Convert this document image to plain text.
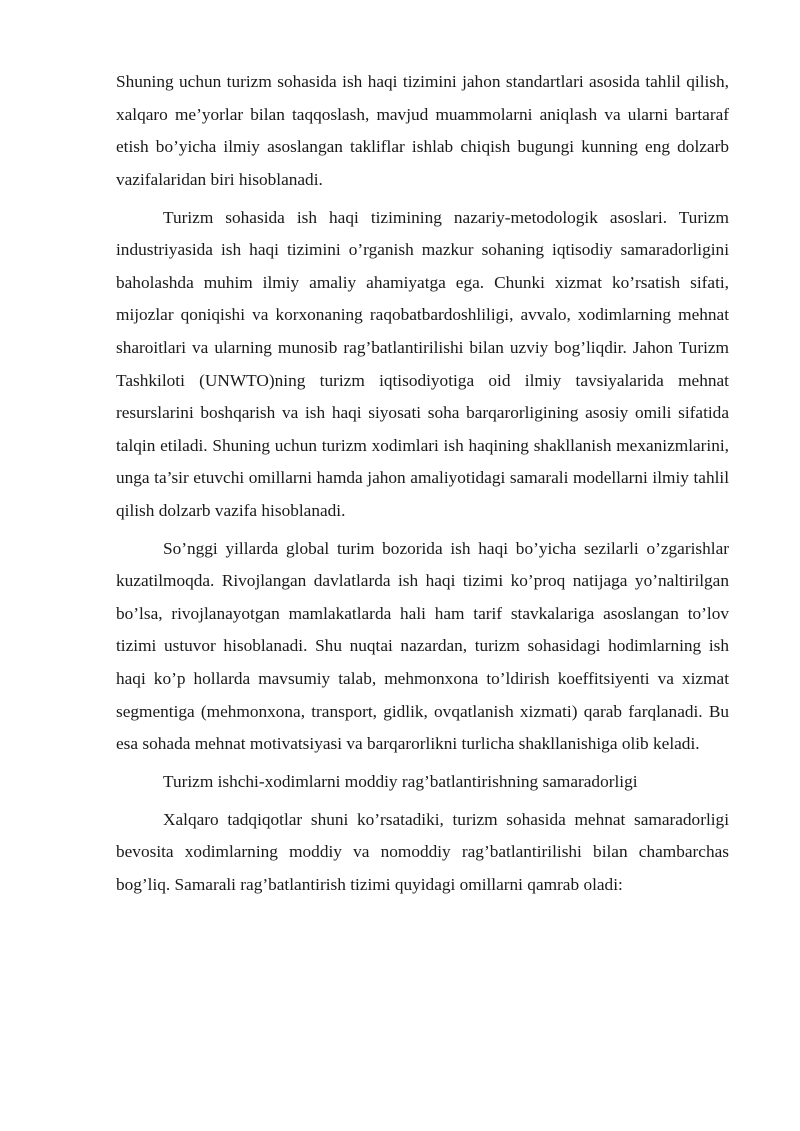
Shuning uchun turizm sohasida ish haqi tizimini jahon standartlari asosida tahlil qilish, xalqaro me’yorlar bilan taqqoslash, mavjud muammolarni aniqlash va ularni bartaraf etish bo’yicha ilmiy asoslangan takliflar ishlab chiqish bugungi kunning eng dolzarb vazifalaridan biri hisoblanadi.

Turizm sohasida ish haqi tizimining nazariy-metodologik asoslari. Turizm industriyasida ish haqi tizimini o’rganish mazkur sohaning iqtisodiy samaradorligini baholashda muhim ilmiy amaliy ahamiyatga ega. Chunki xizmat ko’rsatish sifati, mijozlar qoniqishi va korxonaning raqobatbardoshliligi, avvalo, xodimlarning mehnat sharoitlari va ularning munosib rag’batlantirilishi bilan uzviy bog’liqdir. Jahon Turizm Tashkiloti (UNWTO)ning turizm iqtisodiyotiga oid ilmiy tavsiyalarida mehnat resurslarini boshqarish va ish haqi siyosati soha barqarorligining asosiy omili sifatida talqin etiladi. Shuning uchun turizm xodimlari ish haqining shakllanish mexanizmlarini, unga ta’sir etuvchi omillarni hamda jahon amaliyotidagi samarali modellarni ilmiy tahlil qilish dolzarb vazifa hisoblanadi.

So’nggi yillarda global turim bozorida ish haqi bo’yicha sezilarli o’zgarishlar kuzatilmoqda. Rivojlangan davlatlarda ish haqi tizimi ko’proq natijaga yo’naltirilgan bo’lsa, rivojlanayotgan mamlakatlarda hali ham tarif stavkalariga asoslangan to’lov tizimi ustuvor hisoblanadi. Shu nuqtai nazardan, turizm sohasidagi hodimlarning ish haqi ko’p hollarda mavsumiy talab, mehmonxona to’ldirish koeffitsiyenti va xizmat segmentiga (mehmonxona, transport, gidlik, ovqatlanish xizmati) qarab farqlanadi. Bu esa sohada mehnat motivatsiyasi va barqarorlikni turlicha shakllanishiga olib keladi.

Turizm ishchi-xodimlarni moddiy rag’batlantirishning samaradorligi

Xalqaro tadqiqotlar shuni ko’rsatadiki, turizm sohasida mehnat samaradorligi bevosita xodimlarning moddiy va nomoddiy rag’batlantirilishi bilan chambarchas bog’liq. Samarali rag’batlantirish tizimi quyidagi omillarni qamrab oladi:
